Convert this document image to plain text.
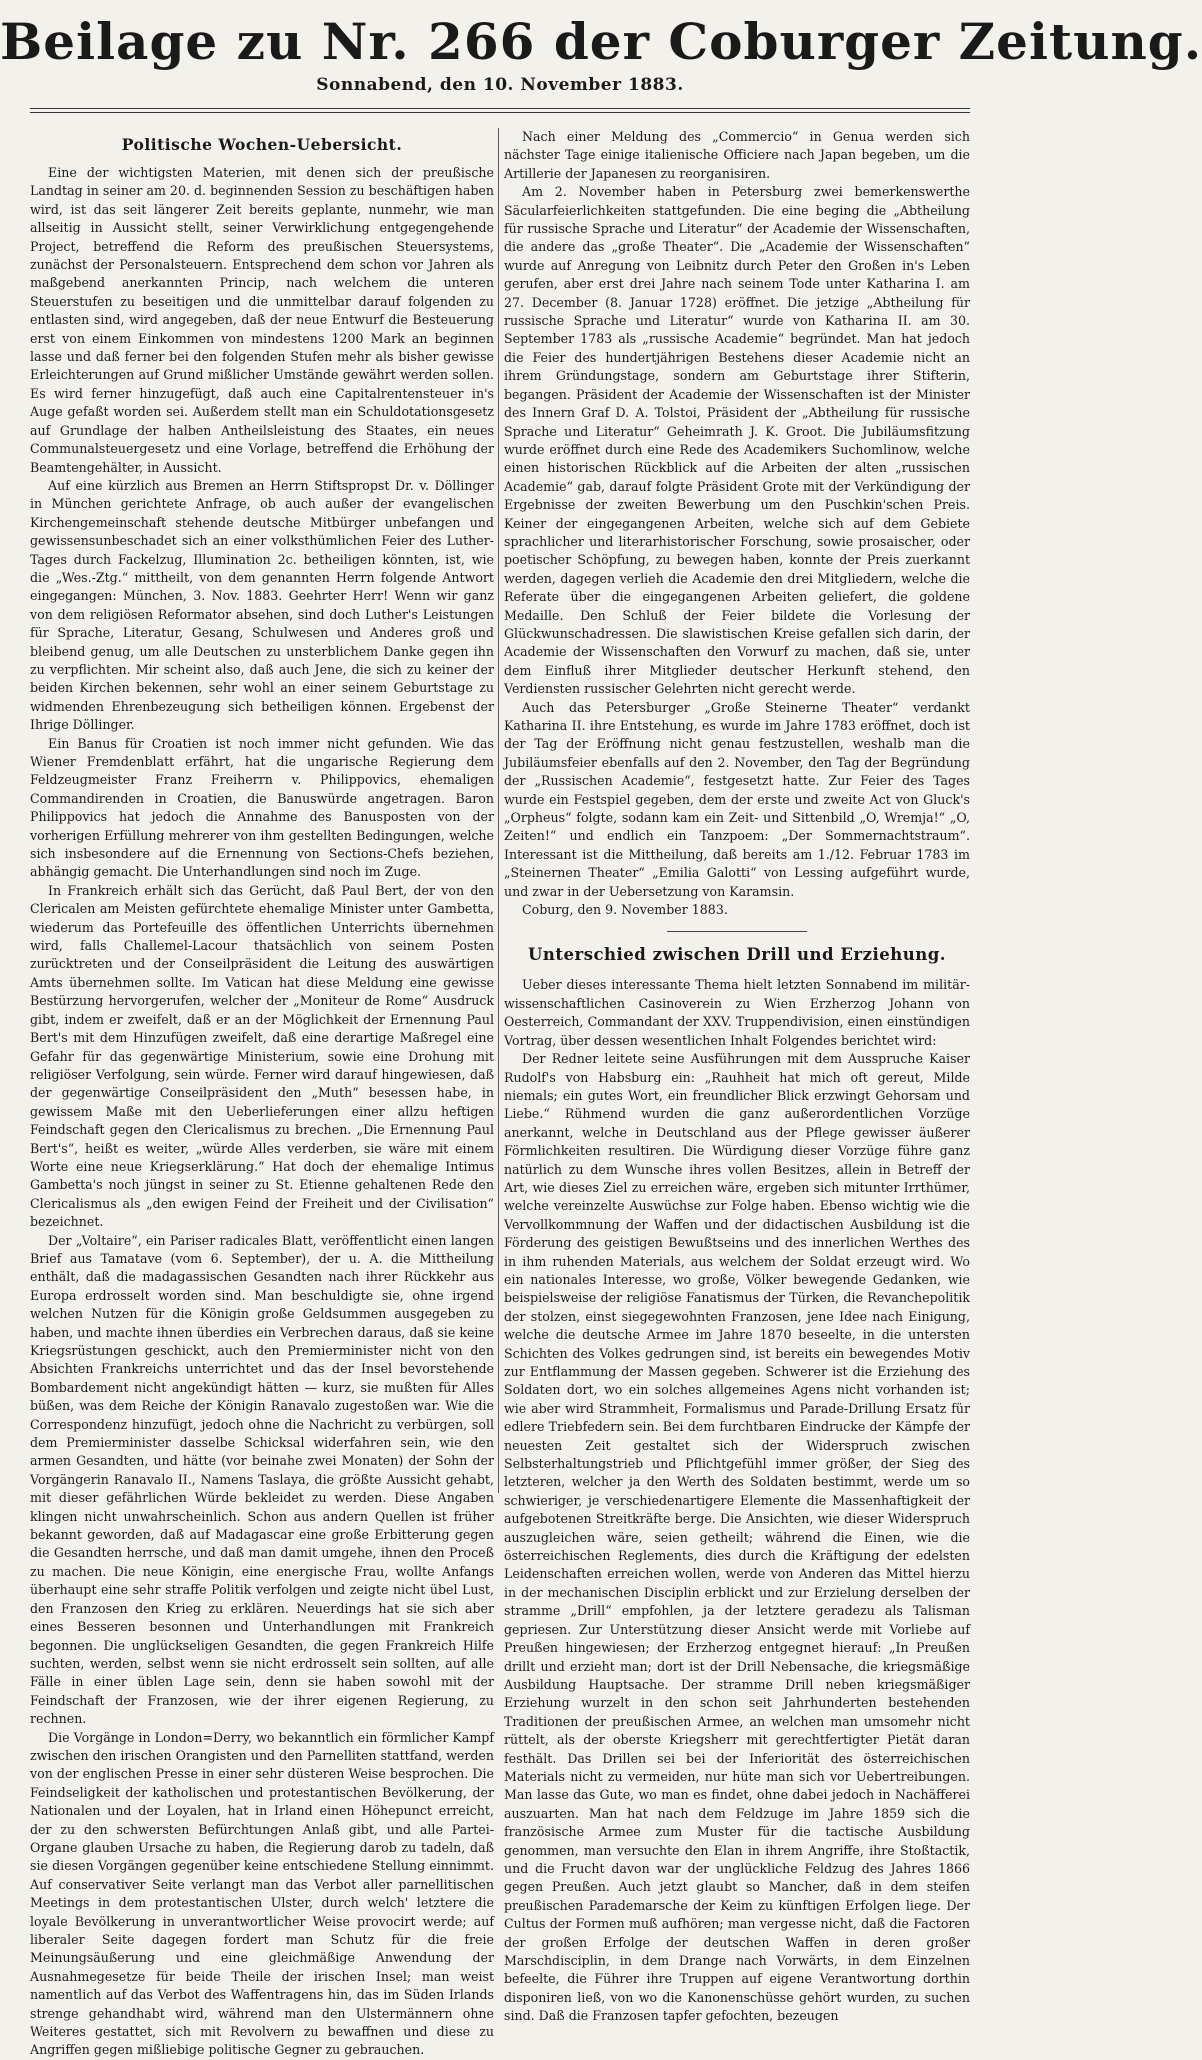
Beilage zu Nr. 266 der Coburger Zeitung.
Sonnabend, den 10. November 1883.
Politische Wochen-Uebersicht.

Eine der wichtigsten Materien, mit denen sich der preußische Landtag in seiner am 20. d. beginnenden Session zu beschäftigen haben wird, ist das seit längerer Zeit bereits geplante, nunmehr, wie man allseitig in Aussicht stellt, seiner Verwirklichung entgegengehende Project, betreffend die Reform des preußischen Steuersystems, zunächst der Personalsteuern. Entsprechend dem schon vor Jahren als maßgebend anerkannten Princip, nach welchem die unteren Steuerstufen zu beseitigen und die unmittelbar darauf folgenden zu entlasten sind, wird angegeben, daß der neue Entwurf die Besteuerung erst von einem Einkommen von mindestens 1200 Mark an beginnen lasse und daß ferner bei den folgenden Stufen mehr als bisher gewisse Erleichterungen auf Grund mißlicher Umstände gewährt werden sollen. Es wird ferner hinzugefügt, daß auch eine Capitalrentensteuer in's Auge gefaßt worden sei. Außerdem stellt man ein Schuldotationsgesetz auf Grundlage der halben Antheilsleistung des Staates, ein neues Communalsteuergesetz und eine Vorlage, betreffend die Erhöhung der Beamtengehälter, in Aussicht.

Auf eine kürzlich aus Bremen an Herrn Stiftspropst Dr. v. Döllinger in München gerichtete Anfrage, ob auch außer der evangelischen Kirchengemeinschaft stehende deutsche Mitbürger unbefangen und gewissensunbeschadet sich an einer volksthümlichen Feier des Luther-Tages durch Fackelzug, Illumination 2c. betheiligen könnten, ist, wie die „Wes.-Ztg.“ mittheilt, von dem genannten Herrn folgende Antwort eingegangen: München, 3. Nov. 1883. Geehrter Herr! Wenn wir ganz von dem religiösen Reformator absehen, sind doch Luther's Leistungen für Sprache, Literatur, Gesang, Schulwesen und Anderes groß und bleibend genug, um alle Deutschen zu unsterblichem Danke gegen ihn zu verpflichten. Mir scheint also, daß auch Jene, die sich zu keiner der beiden Kirchen bekennen, sehr wohl an einer seinem Geburtstage zu widmenden Ehrenbezeugung sich betheiligen können. Ergebenst der Ihrige Döllinger.

Ein Banus für Croatien ist noch immer nicht gefunden. Wie das Wiener Fremdenblatt erfährt, hat die ungarische Regierung dem Feldzeugmeister Franz Freiherrn v. Philippovics, ehemaligen Commandirenden in Croatien, die Banuswürde angetragen. Baron Philippovics hat jedoch die Annahme des Banusposten von der vorherigen Erfüllung mehrerer von ihm gestellten Bedingungen, welche sich insbesondere auf die Ernennung von Sections-Chefs beziehen, abhängig gemacht. Die Unterhandlungen sind noch im Zuge.

In Frankreich erhält sich das Gerücht, daß Paul Bert, der von den Clericalen am Meisten gefürchtete ehemalige Minister unter Gambetta, wiederum das Portefeuille des öffentlichen Unterrichts übernehmen wird, falls Challemel-Lacour thatsächlich von seinem Posten zurücktreten und der Conseilpräsident die Leitung des auswärtigen Amts übernehmen sollte. Im Vatican hat diese Meldung eine gewisse Bestürzung hervorgerufen, welcher der „Moniteur de Rome“ Ausdruck gibt, indem er zweifelt, daß er an der Möglichkeit der Ernennung Paul Bert's mit dem Hinzufügen zweifelt, daß eine derartige Maßregel eine Gefahr für das gegenwärtige Ministerium, sowie eine Drohung mit religiöser Verfolgung, sein würde. Ferner wird darauf hingewiesen, daß der gegenwärtige Conseilpräsident den „Muth“ besessen habe, in gewissem Maße mit den Ueberlieferungen einer allzu heftigen Feindschaft gegen den Clericalismus zu brechen. „Die Ernennung Paul Bert's“, heißt es weiter, „würde Alles verderben, sie wäre mit einem Worte eine neue Kriegserklärung.“ Hat doch der ehemalige Intimus Gambetta's noch jüngst in seiner zu St. Etienne gehaltenen Rede den Clericalismus als „den ewigen Feind der Freiheit und der Civilisation“ bezeichnet.

Der „Voltaire“, ein Pariser radicales Blatt, veröffentlicht einen langen Brief aus Tamatave (vom 6. September), der u. A. die Mittheilung enthält, daß die madagassischen Gesandten nach ihrer Rückkehr aus Europa erdrosselt worden sind. Man beschuldigte sie, ohne irgend welchen Nutzen für die Königin große Geldsummen ausgegeben zu haben, und machte ihnen überdies ein Verbrechen daraus, daß sie keine Kriegsrüstungen geschickt, auch den Premierminister nicht von den Absichten Frankreichs unterrichtet und das der Insel bevorstehende Bombardement nicht angekündigt hätten — kurz, sie mußten für Alles büßen, was dem Reiche der Königin Ranavalo zugestoßen war. Wie die Correspondenz hinzufügt, jedoch ohne die Nachricht zu verbürgen, soll dem Premierminister dasselbe Schicksal widerfahren sein, wie den armen Gesandten, und hätte (vor beinahe zwei Monaten) der Sohn der Vorgängerin Ranavalo II., Namens Taslaya, die größte Aussicht gehabt, mit dieser gefährlichen Würde bekleidet zu werden. Diese Angaben klingen nicht unwahrscheinlich. Schon aus andern Quellen ist früher bekannt geworden, daß auf Madagascar eine große Erbitterung gegen die Gesandten herrsche, und daß man damit umgehe, ihnen den Proceß zu machen. Die neue Königin, eine energische Frau, wollte Anfangs überhaupt eine sehr straffe Politik verfolgen und zeigte nicht übel Lust, den Franzosen den Krieg zu erklären. Neuerdings hat sie sich aber eines Besseren besonnen und Unterhandlungen mit Frankreich begonnen. Die unglückseligen Gesandten, die gegen Frankreich Hilfe suchten, werden, selbst wenn sie nicht erdrosselt sein sollten, auf alle Fälle in einer üblen Lage sein, denn sie haben sowohl mit der Feindschaft der Franzosen, wie der ihrer eigenen Regierung, zu rechnen.

Die Vorgänge in London=Derry, wo bekanntlich ein förmlicher Kampf zwischen den irischen Orangisten und den Parnelliten stattfand, werden von der englischen Presse in einer sehr düsteren Weise besprochen. Die Feindseligkeit der katholischen und protestantischen Bevölkerung, der Nationalen und der Loyalen, hat in Irland einen Höhepunct erreicht, der zu den schwersten Befürchtungen Anlaß gibt, und alle Partei-Organe glauben Ursache zu haben, die Regierung darob zu tadeln, daß sie diesen Vorgängen gegenüber keine entschiedene Stellung einnimmt. Auf conservativer Seite verlangt man das Verbot aller parnellitischen Meetings in dem protestantischen Ulster, durch welch' letztere die loyale Bevölkerung in unverantwortlicher Weise provocirt werde; auf liberaler Seite dagegen fordert man Schutz für die freie Meinungsäußerung und eine gleichmäßige Anwendung der Ausnahmegesetze für beide Theile der irischen Insel; man weist namentlich auf das Verbot des Waffentragens hin, das im Süden Irlands strenge gehandhabt wird, während man den Ulstermännern ohne Weiteres gestattet, sich mit Revolvern zu bewaffnen und diese zu Angriffen gegen mißliebige politische Gegner zu gebrauchen.

Nach einer Meldung des „Commercio“ in Genua werden sich nächster Tage einige italienische Officiere nach Japan begeben, um die Artillerie der Japanesen zu reorganisiren.

Am 2. November haben in Petersburg zwei bemerkenswerthe Säcularfeierlichkeiten stattgefunden. Die eine beging die „Abtheilung für russische Sprache und Literatur“ der Academie der Wissenschaften, die andere das „große Theater“. Die „Academie der Wissenschaften“ wurde auf Anregung von Leibnitz durch Peter den Großen in's Leben gerufen, aber erst drei Jahre nach seinem Tode unter Katharina I. am 27. December (8. Januar 1728) eröffnet. Die jetzige „Abtheilung für russische Sprache und Literatur“ wurde von Katharina II. am 30. September 1783 als „russische Academie“ begründet. Man hat jedoch die Feier des hundertjährigen Bestehens dieser Academie nicht an ihrem Gründungstage, sondern am Geburtstage ihrer Stifterin, begangen. Präsident der Academie der Wissenschaften ist der Minister des Innern Graf D. A. Tolstoi, Präsident der „Abtheilung für russische Sprache und Literatur“ Geheimrath J. K. Groot. Die Jubiläumsfitzung wurde eröffnet durch eine Rede des Academikers Suchomlinow, welche einen historischen Rückblick auf die Arbeiten der alten „russischen Academie“ gab, darauf folgte Präsident Grote mit der Verkündigung der Ergebnisse der zweiten Bewerbung um den Puschkin'schen Preis. Keiner der eingegangenen Arbeiten, welche sich auf dem Gebiete sprachlicher und literarhistorischer Forschung, sowie prosaischer, oder poetischer Schöpfung, zu bewegen haben, konnte der Preis zuerkannt werden, dagegen verlieh die Academie den drei Mitgliedern, welche die Referate über die eingegangenen Arbeiten geliefert, die goldene Medaille. Den Schluß der Feier bildete die Vorlesung der Glückwunschadressen. Die slawistischen Kreise gefallen sich darin, der Academie der Wissenschaften den Vorwurf zu machen, daß sie, unter dem Einfluß ihrer Mitglieder deutscher Herkunft stehend, den Verdiensten russischer Gelehrten nicht gerecht werde.

Auch das Petersburger „Große Steinerne Theater“ verdankt Katharina II. ihre Entstehung, es wurde im Jahre 1783 eröffnet, doch ist der Tag der Eröffnung nicht genau festzustellen, weshalb man die Jubiläumsfeier ebenfalls auf den 2. November, den Tag der Begründung der „Russischen Academie“, festgesetzt hatte. Zur Feier des Tages wurde ein Festspiel gegeben, dem der erste und zweite Act von Gluck's „Orpheus“ folgte, sodann kam ein Zeit- und Sittenbild „O, Wremja!“ „O, Zeiten!“ und endlich ein Tanzpoem: „Der Sommernachtstraum“. Interessant ist die Mittheilung, daß bereits am 1./12. Februar 1783 im „Steinernen Theater“ „Emilia Galotti“ von Lessing aufgeführt wurde, und zwar in der Uebersetzung von Karamsin.

Coburg, den 9. November 1883.

Unterschied zwischen Drill und Erziehung.

Ueber dieses interessante Thema hielt letzten Sonnabend im militär-wissenschaftlichen Casinoverein zu Wien Erzherzog Johann von Oesterreich, Commandant der XXV. Truppendivision, einen einstündigen Vortrag, über dessen wesentlichen Inhalt Folgendes berichtet wird:

Der Redner leitete seine Ausführungen mit dem Ausspruche Kaiser Rudolf's von Habsburg ein: „Rauhheit hat mich oft gereut, Milde niemals; ein gutes Wort, ein freundlicher Blick erzwingt Gehorsam und Liebe.“ Rühmend wurden die ganz außerordentlichen Vorzüge anerkannt, welche in Deutschland aus der Pflege gewisser äußerer Förmlichkeiten resultiren. Die Würdigung dieser Vorzüge führe ganz natürlich zu dem Wunsche ihres vollen Besitzes, allein in Betreff der Art, wie dieses Ziel zu erreichen wäre, ergeben sich mitunter Irrthümer, welche vereinzelte Auswüchse zur Folge haben. Ebenso wichtig wie die Vervollkommnung der Waffen und der didactischen Ausbildung ist die Förderung des geistigen Bewußtseins und des innerlichen Werthes des in ihm ruhenden Materials, aus welchem der Soldat erzeugt wird. Wo ein nationales Interesse, wo große, Völker bewegende Gedanken, wie beispielsweise der religiöse Fanatismus der Türken, die Revanchepolitik der stolzen, einst siegegewohnten Franzosen, jene Idee nach Einigung, welche die deutsche Armee im Jahre 1870 beseelte, in die untersten Schichten des Volkes gedrungen sind, ist bereits ein bewegendes Motiv zur Entflammung der Massen gegeben. Schwerer ist die Erziehung des Soldaten dort, wo ein solches allgemeines Agens nicht vorhanden ist; wie aber wird Strammheit, Formalismus und Parade-Drillung Ersatz für edlere Triebfedern sein. Bei dem furchtbaren Eindrucke der Kämpfe der neuesten Zeit gestaltet sich der Widerspruch zwischen Selbsterhaltungstrieb und Pflichtgefühl immer größer, der Sieg des letzteren, welcher ja den Werth des Soldaten bestimmt, werde um so schwieriger, je verschiedenartigere Elemente die Massenhaftigkeit der aufgebotenen Streitkräfte berge. Die Ansichten, wie dieser Widerspruch auszugleichen wäre, seien getheilt; während die Einen, wie die österreichischen Reglements, dies durch die Kräftigung der edelsten Leidenschaften erreichen wollen, werde von Anderen das Mittel hierzu in der mechanischen Disciplin erblickt und zur Erzielung derselben der stramme „Drill“ empfohlen, ja der letztere geradezu als Talisman gepriesen. Zur Unterstützung dieser Ansicht werde mit Vorliebe auf Preußen hingewiesen; der Erzherzog entgegnet hierauf: „In Preußen drillt und erzieht man; dort ist der Drill Nebensache, die kriegsmäßige Ausbildung Hauptsache. Der stramme Drill neben kriegsmäßiger Erziehung wurzelt in den schon seit Jahrhunderten bestehenden Traditionen der preußischen Armee, an welchen man umsomehr nicht rüttelt, als der oberste Kriegsherr mit gerechtfertigter Pietät daran festhält. Das Drillen sei bei der Inferiorität des österreichischen Materials nicht zu vermeiden, nur hüte man sich vor Uebertreibungen. Man lasse das Gute, wo man es findet, ohne dabei jedoch in Nachäfferei auszuarten. Man hat nach dem Feldzuge im Jahre 1859 sich die französische Armee zum Muster für die tactische Ausbildung genommen, man versuchte den Elan in ihrem Angriffe, ihre Stoßtactik, und die Frucht davon war der unglückliche Feldzug des Jahres 1866 gegen Preußen. Auch jetzt glaubt so Mancher, daß in dem steifen preußischen Parademarsche der Keim zu künftigen Erfolgen liege. Der Cultus der Formen muß aufhören; man vergesse nicht, daß die Factoren der großen Erfolge der deutschen Waffen in deren großer Marschdisciplin, in dem Drange nach Vorwärts, in dem Einzelnen befeelte, die Führer ihre Truppen auf eigene Verantwortung dorthin disponiren ließ, von wo die Kanonenschüsse gehört wurden, zu suchen sind. Daß die Franzosen tapfer gefochten, bezeugen
